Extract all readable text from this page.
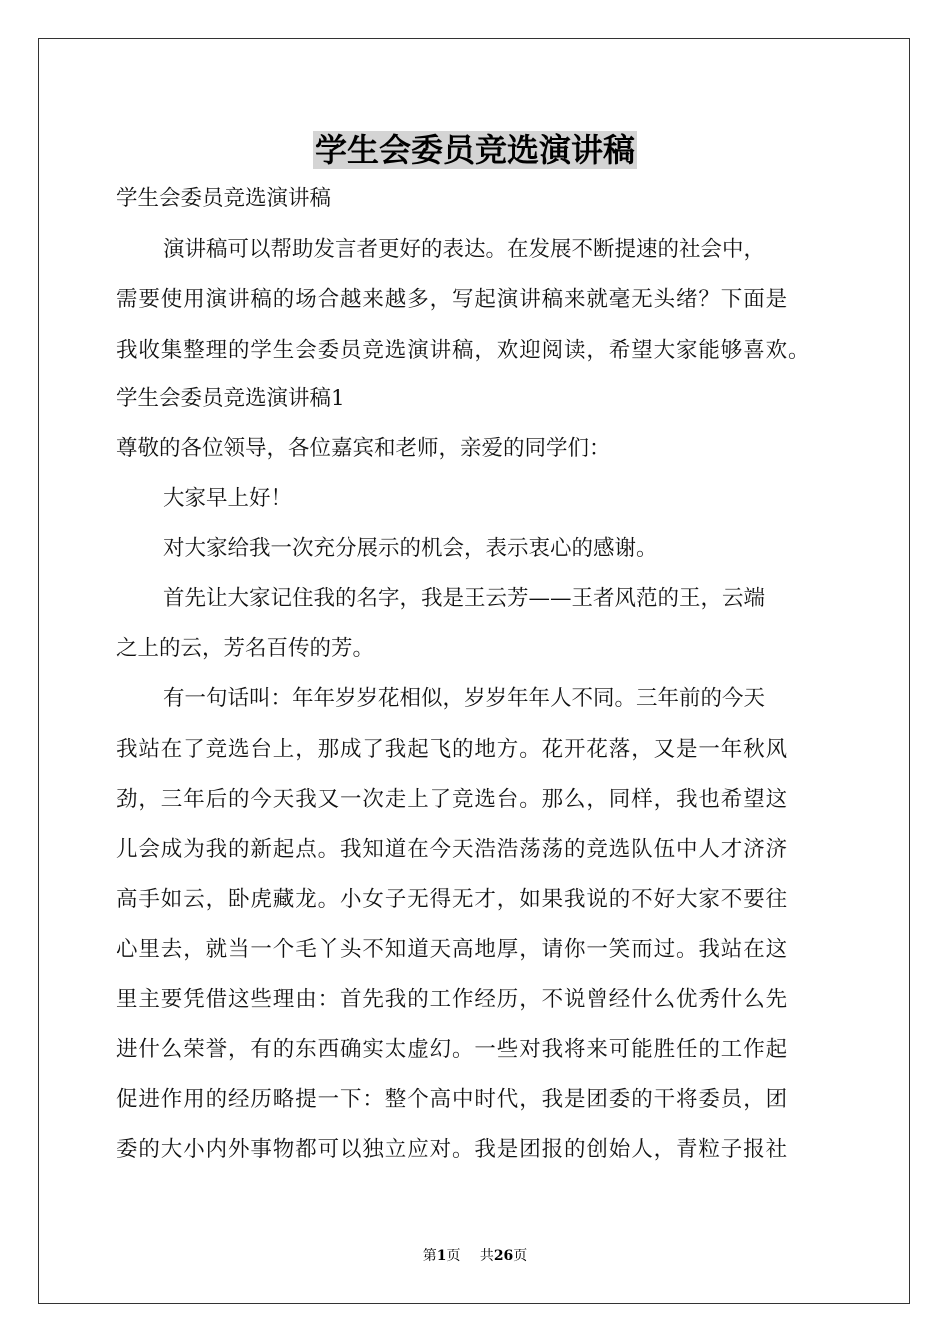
学生会委员竞选演讲稿
学生会委员竞选演讲稿
演讲稿可以帮助发言者更好的表达。在发展不断提速的社会中，
需要使用演讲稿的场合越来越多，写起演讲稿来就毫无头绪？下面是
我收集整理的学生会委员竞选演讲稿，欢迎阅读，希望大家能够喜欢。
学生会委员竞选演讲稿1
尊敬的各位领导，各位嘉宾和老师，亲爱的同学们：
大家早上好！
对大家给我一次充分展示的机会，表示衷心的感谢。
首先让大家记住我的名字，我是王云芳——王者风范的王，云端
之上的云，芳名百传的芳。
有一句话叫：年年岁岁花相似，岁岁年年人不同。三年前的今天
我站在了竞选台上，那成了我起飞的地方。花开花落，又是一年秋风
劲，三年后的今天我又一次走上了竞选台。那么，同样，我也希望这
儿会成为我的新起点。我知道在今天浩浩荡荡的竞选队伍中人才济济
高手如云，卧虎藏龙。小女子无得无才，如果我说的不好大家不要往
心里去，就当一个毛丫头不知道天高地厚，请你一笑而过。我站在这
里主要凭借这些理由：首先我的工作经历，不说曾经什么优秀什么先
进什么荣誉，有的东西确实太虚幻。一些对我将来可能胜任的工作起
促进作用的经历略提一下：整个高中时代，我是团委的干将委员，团
委的大小内外事物都可以独立应对。我是团报的创始人，青粒子报社
第1页 共26页
